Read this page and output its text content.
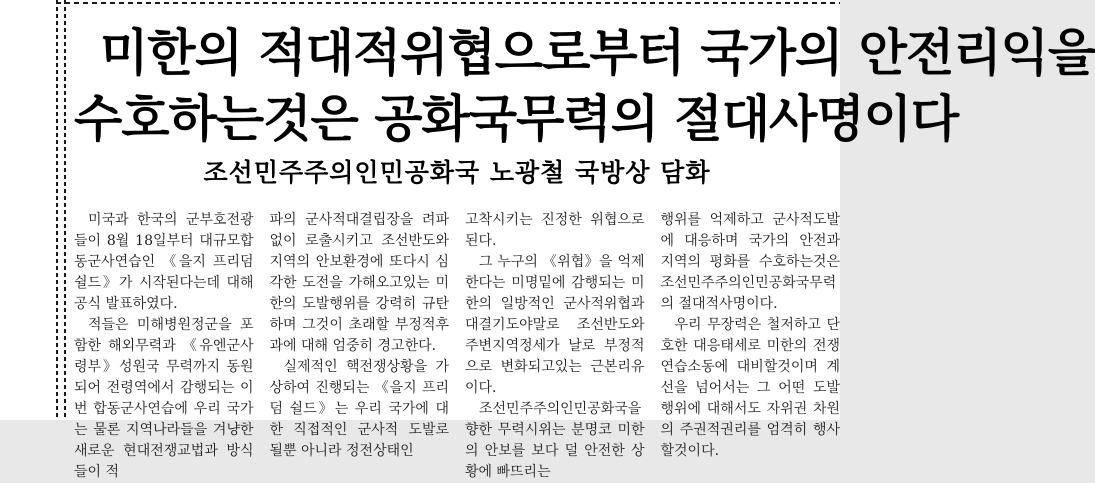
미한의 적대적위협으로부터 국가의 안전리익을
수호하는것은 공화국무력의 절대사명이다
조선민주주의인민공화국 노광철 국방상 담화

미국과 한국의 군부호전광들이 8월 18일부터 대규모합동군사연습인 《을지 프리덤 쉴드》가 시작된다는데 대해 공식 발표하였다.

적들은 미해병원정군을 포함한 해외무력과 《유엔군사령부》성원국 무력까지 동원되어 전령역에서 감행되는 이번 합동군사연습에 우리 국가는 물론 지역나라들을 겨냥한 새로운 현대전쟁교법과 방식들이 적

파의 군사적대결립장을 려파없이 로출시키고 조선반도와 지역의 안보환경에 또다시 심각한 도전을 가해오고있는 미한의 도발행위를 강력히 규탄하며 그것이 초래할 부정적후과에 대해 엄중히 경고한다.

실제적인 핵전쟁상황을 가상하여 진행되는 《을지 프리덤 쉴드》는 우리 국가에 대한 직접적인 군사적 도발로 될뿐 아니라 정전상태인

고착시키는 진정한 위협으로 된다.

그 누구의 《위협》을 억제한다는 미명밑에 감행되는 미한의 일방적인 군사적위협과 대결기도야말로 조선반도와 주변지역정세가 날로 부정적으로 변화되고있는 근본리유이다.

조선민주주의인민공화국을 향한 무력시위는 분명코 미한의 안보를 보다 덜 안전한 상황에 빠뜨리는

행위를 억제하고 군사적도발에 대응하며 국가의 안전과 지역의 평화를 수호하는것은 조선민주주의인민공화국무력의 절대적사명이다.

우리 무장력은 철저하고 단호한 대응태세로 미한의 전쟁연습소동에 대비할것이며 계선을 넘어서는 그 어떤 도발행위에 대해서도 자위권 차원의 주권적권리를 엄격히 행사할것이다.
